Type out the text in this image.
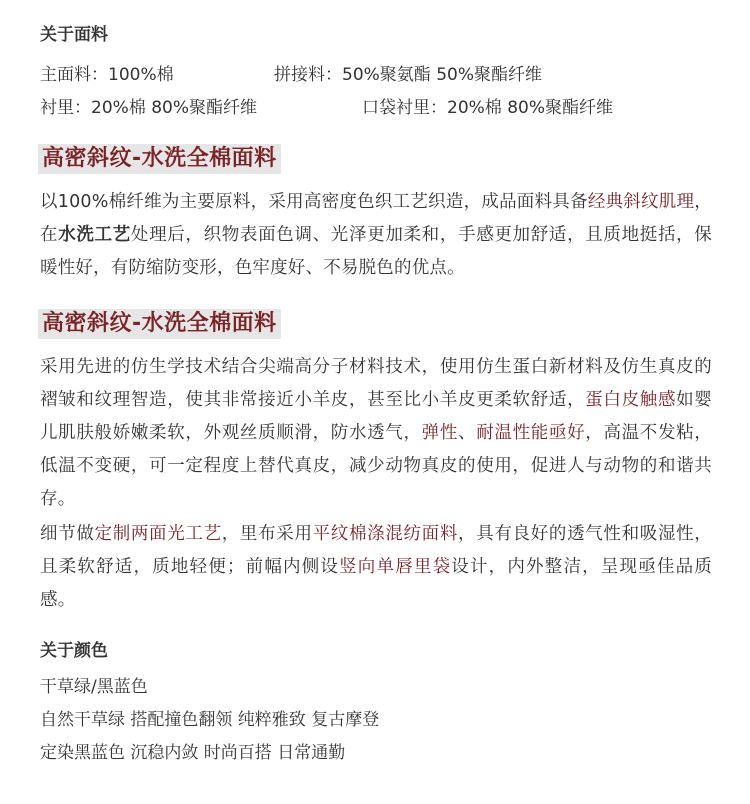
关于面料
主面料：100%棉	拼接料：50%聚氨酯 50%聚酯纤维
衬里：20%棉 80%聚酯纤维	口袋衬里：20%棉 80%聚酯纤维
高密斜纹-水洗全棉面料
以100%棉纤维为主要原料，采用高密度色织工艺织造，成品面料具备经典斜纹肌理，在水洗工艺处理后，织物表面色调、光泽更加柔和，手感更加舒适，且质地挺括，保暖性好，有防缩防变形，色牢度好、不易脱色的优点。
高密斜纹-水洗全棉面料
采用先进的仿生学技术结合尖端高分子材料技术，使用仿生蛋白新材料及仿生真皮的褶皱和纹理智造，使其非常接近小羊皮，甚至比小羊皮更柔软舒适，蛋白皮触感如婴儿肌肤般娇嫩柔软，外观丝质顺滑，防水透气，弹性、耐温性能亟好，高温不发粘，低温不变硬，可一定程度上替代真皮，减少动物真皮的使用，促进人与动物的和谐共存。
细节做定制两面光工艺，里布采用平纹棉涤混纺面料，具有良好的透气性和吸湿性，且柔软舒适，质地轻便；前幅内侧设竖向单唇里袋设计，内外整洁，呈现亟佳品质感。
关于颜色
干草绿/黑蓝色
自然干草绿 搭配撞色翻领 纯粹雅致 复古摩登
定染黑蓝色 沉稳内敛 时尚百搭 日常通勤
